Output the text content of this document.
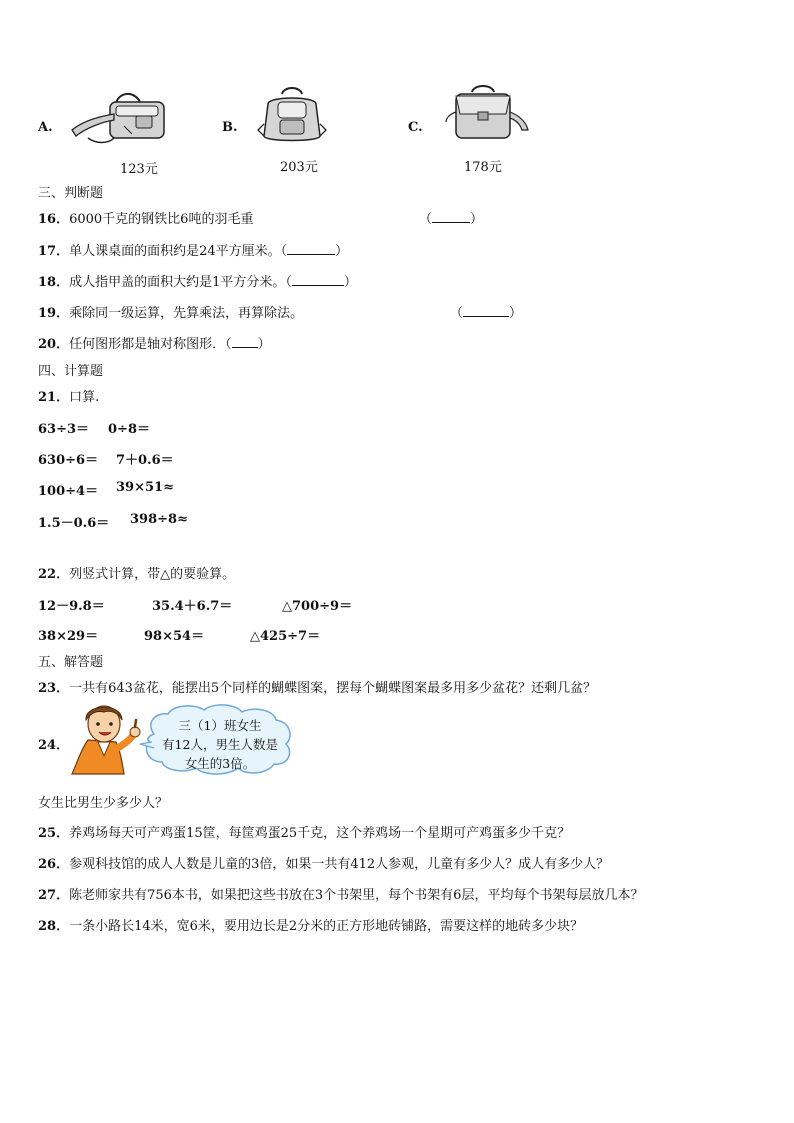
A.
123元
B.
203元
C.
178元
三、判断题
16．6000千克的钢铁比6吨的羽毛重	（	）
17．单人课桌面的面积约是24平方厘米。（	）
18．成人指甲盖的面积大约是1平方分米。（	）
19．乘除同一级运算，先算乘法，再算除法。	（	）
20．任何图形都是轴对称图形．（ ）
四、计算题
21．口算.
63÷3＝ 0÷8＝
630÷6＝ 7＋0.6＝
100÷4＝ 39×51≈
1.5－0.6＝ 398÷8≈
22．列竖式计算，带△的要验算。
12－9.8＝	35.4＋6.7＝	△700÷9＝
38×29＝	98×54＝	△425÷7＝
五、解答题
23．一共有643盆花，能摆出5个同样的蝴蝶图案，摆每个蝴蝶图案最多用多少盆花？还剩几盆？
24．
三（1）班女生
有12人，男生人数是
女生的3倍。
女生比男生少多少人？
25．养鸡场每天可产鸡蛋15筐，每筐鸡蛋25千克，这个养鸡场一个星期可产鸡蛋多少千克？
26．参观科技馆的成人人数是儿童的3倍，如果一共有412人参观，儿童有多少人？成人有多少人？
27．陈老师家共有756本书，如果把这些书放在3个书架里，每个书架有6层，平均每个书架每层放几本？
28．一条小路长14米，宽6米，要用边长是2分米的正方形地砖铺路，需要这样的地砖多少块？
